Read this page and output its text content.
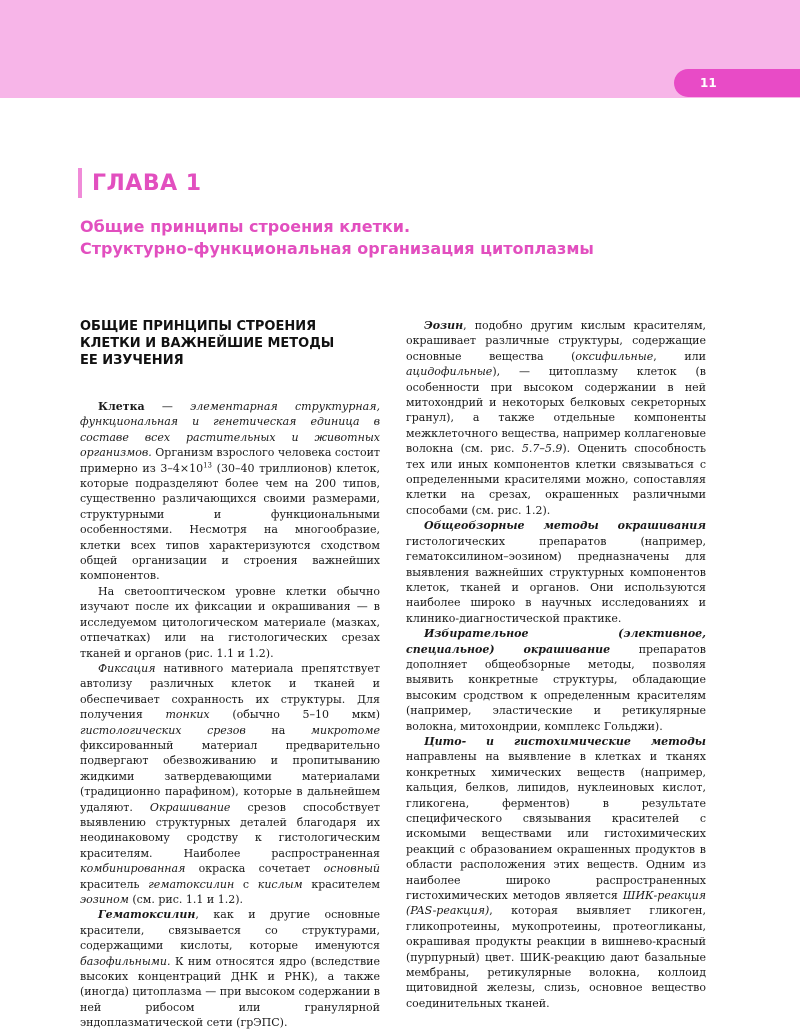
11
ГЛАВА 1
Общие принципы строения клетки.
Структурно-функциональная организация цитоплазмы
ОБЩИЕ ПРИНЦИПЫ СТРОЕНИЯ
КЛЕТКИ И ВАЖНЕЙШИЕ МЕТОДЫ
ЕЕ ИЗУЧЕНИЯ

Клетка — элементарная структурная, функциональная и генетическая единица в составе всех растительных и животных организмов. Организм взрослого человека состоит примерно из $3-4\times 10^{13}$ (30–40 триллионов) клеток, которые подразделяют более чем на 200 типов, существенно различающихся своими размерами, структурными и функциональными особенностями. Несмотря на многообразие, клетки всех типов характеризуются сходством общей организации и строения важнейших компонентов.

На светооптическом уровне клетки обычно изучают после их фиксации и окрашивания — в исследуемом цитологическом материале (мазках, отпечатках) или на гистологических срезах тканей и органов (рис. 1.1 и 1.2).

Фиксация нативного материала препятствует автолизу различных клеток и тканей и обеспечивает сохранность их структуры. Для получения тонких (обычно 5–10 мкм) гистологических срезов на микротоме фиксированный материал предварительно подвергают обезвоживанию и пропитыванию жидкими затвердевающими материалами (традиционно парафином), которые в дальнейшем удаляют. Окрашивание срезов способствует выявлению структурных деталей благодаря их неодинаковому сродству к гистологическим красителям. Наиболее распространенная комбинированная окраска сочетает основный краситель гематоксилин с кислым красителем эозином (см. рис. 1.1 и 1.2).

Гематоксилин, как и другие основные красители, связывается со структурами, содержащими кислоты, которые именуются базофильными. К ним относятся ядро (вследствие высоких концентраций ДНК и РНК), а также (иногда) цитоплазма — при высоком содержании в ней рибосом или гранулярной эндоплазматической сети (грЭПС).

Эозин, подобно другим кислым красителям, окрашивает различные структуры, содержащие основные вещества (оксифильные, или ацидофильные), — цитоплазму клеток (в особенности при высоком содержании в ней митохондрий и некоторых белковых секреторных гранул), а также отдельные компоненты межклеточного вещества, например коллагеновые волокна (см. рис. 5.7–5.9). Оценить способность тех или иных компонентов клетки связываться с определенными красителями можно, сопоставляя клетки на срезах, окрашенных различными способами (см. рис. 1.2).

Общеобзорные методы окрашивания гистологических препаратов (например, гематоксилином–эозином) предназначены для выявления важнейших структурных компонентов клеток, тканей и органов. Они используются наиболее широко в научных исследованиях и клинико-диагностической практике.

Избирательное (элективное, специальное) окрашивание препаратов дополняет общеобзорные методы, позволяя выявить конкретные структуры, обладающие высоким сродством к определенным красителям (например, эластические и ретикулярные волокна, митохондрии, комплекс Гольджи).

Цито- и гистохимические методы направлены на выявление в клетках и тканях конкретных химических веществ (например, кальция, белков, липидов, нуклеиновых кислот, гликогена, ферментов) в результате специфического связывания красителей с искомыми веществами или гистохимических реакций с образованием окрашенных продуктов в области расположения этих веществ. Одним из наиболее широко распространенных гистохимических методов является ШИК-реакция (PAS-реакция), которая выявляет гликоген, гликопротеины, мукопротеины, протеогликаны, окрашивая продукты реакции в вишнево-красный (пурпурный) цвет. ШИК-реакцию дают базальные мембраны, ретикулярные волокна, коллоид щитовидной железы, слизь, основное вещество соединительных тканей.
